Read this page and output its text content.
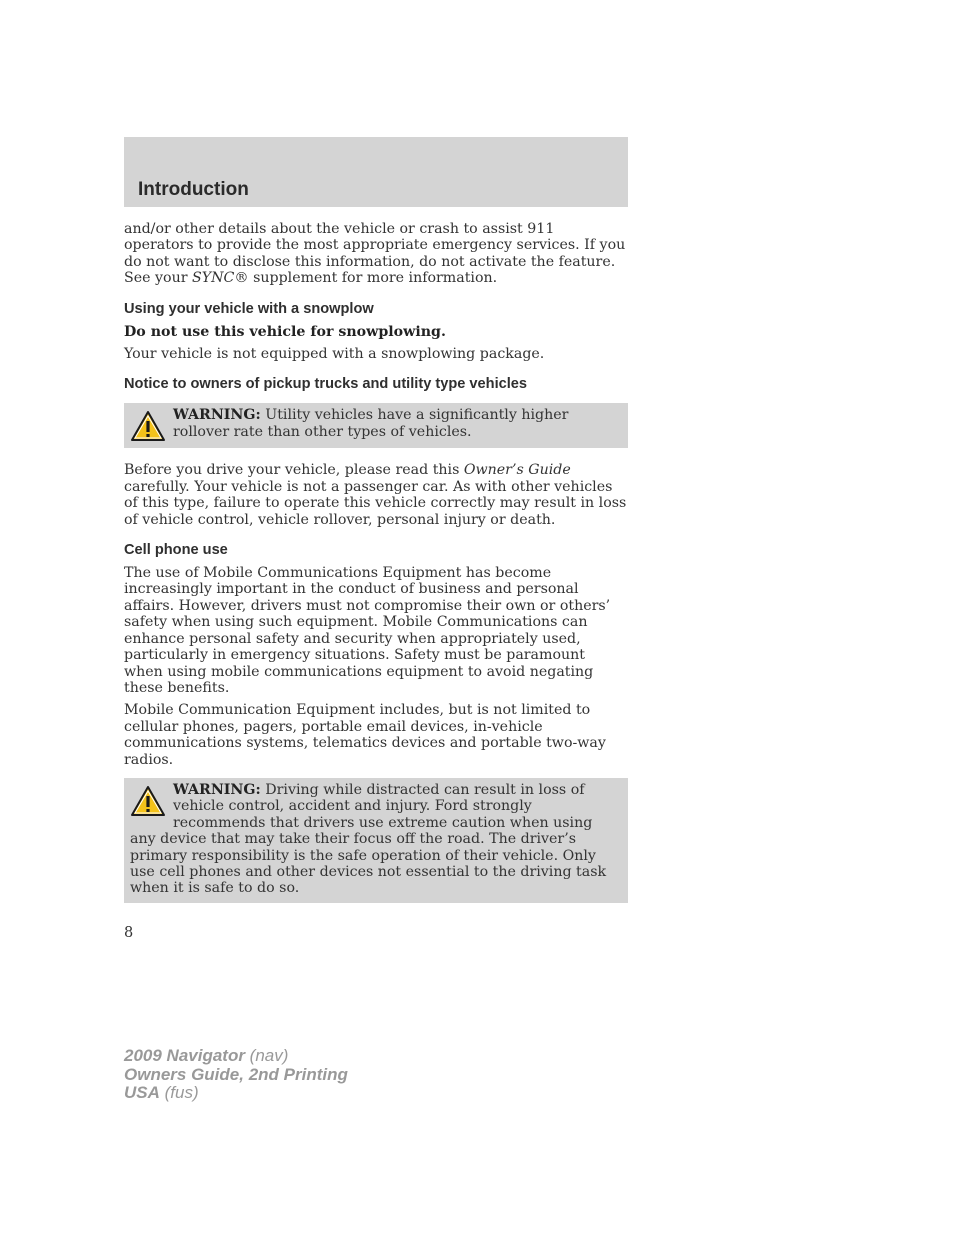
Introduction

and/or other details about the vehicle or crash to assist 911 operators to provide the most appropriate emergency services. If you do not want to disclose this information, do not activate the feature. See your SYNC® supplement for more information.

Using your vehicle with a snowplow

Do not use this vehicle for snowplowing.

Your vehicle is not equipped with a snowplowing package.

Notice to owners of pickup trucks and utility type vehicles
WARNING: Utility vehicles have a significantly higher rollover rate than other types of vehicles.

Before you drive your vehicle, please read this Owner’s Guide carefully. Your vehicle is not a passenger car. As with other vehicles of this type, failure to operate this vehicle correctly may result in loss of vehicle control, vehicle rollover, personal injury or death.

Cell phone use

The use of Mobile Communications Equipment has become increasingly important in the conduct of business and personal affairs. However, drivers must not compromise their own or others’ safety when using such equipment. Mobile Communications can enhance personal safety and security when appropriately used, particularly in emergency situations. Safety must be paramount when using mobile communications equipment to avoid negating these benefits.

Mobile Communication Equipment includes, but is not limited to cellular phones, pagers, portable email devices, in-vehicle communications systems, telematics devices and portable two-way radios.

WARNING: Driving while distracted can result in loss of vehicle control, accident and injury. Ford strongly recommends that drivers use extreme caution when using any device that may take their focus off the road. The driver’s primary responsibility is the safe operation of their vehicle. Only use cell phones and other devices not essential to the driving task when it is safe to do so.
8
2009 Navigator (nav)
Owners Guide, 2nd Printing
USA (fus)
